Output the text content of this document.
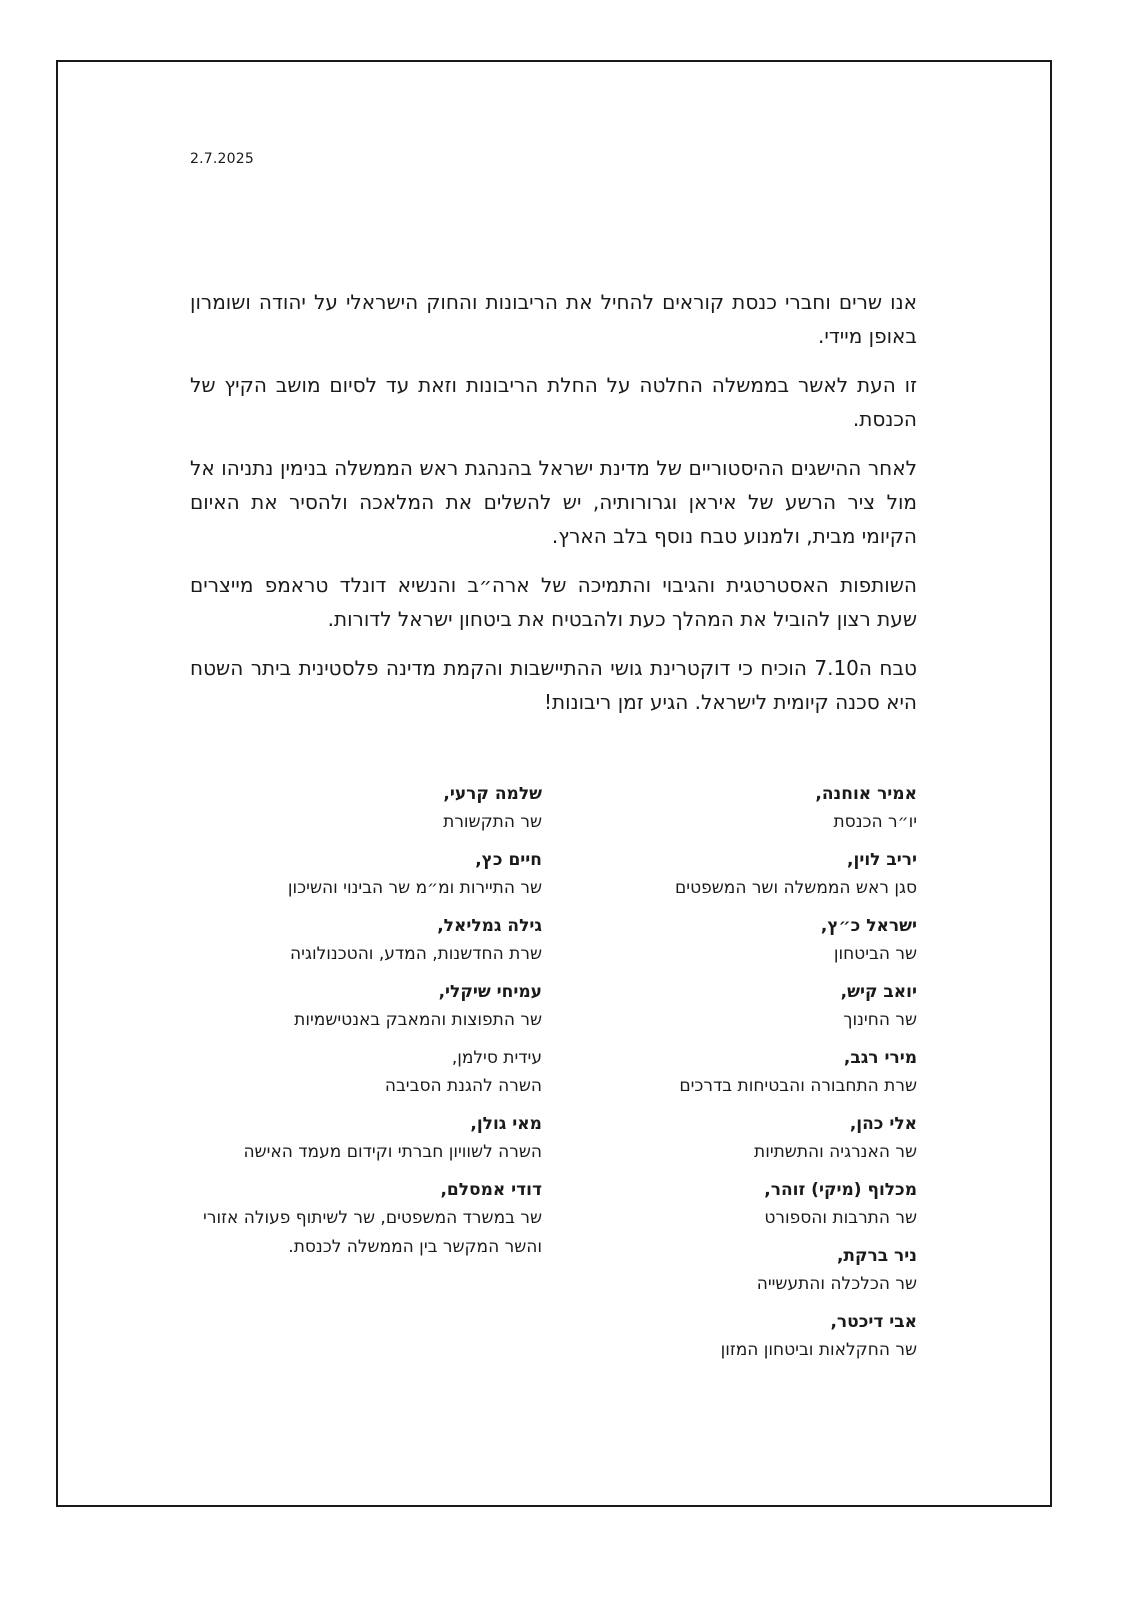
2.7.2025

אנו שרים וחברי כנסת קוראים להחיל את הריבונות והחוק הישראלי על יהודה ושומרון באופן מיידי.

זו העת לאשר בממשלה החלטה על החלת הריבונות וזאת עד לסיום מושב הקיץ של הכנסת.

לאחר ההישגים ההיסטוריים של מדינת ישראל בהנהגת ראש הממשלה בנימין נתניהו אל מול ציר הרשע של איראן וגרורותיה, יש להשלים את המלאכה ולהסיר את האיום הקיומי מבית, ולמנוע טבח נוסף בלב הארץ.

השותפות האסטרטגית והגיבוי והתמיכה של ארה״ב והנשיא דונלד טראמפ מייצרים שעת רצון להוביל את המהלך כעת ולהבטיח את ביטחון ישראל לדורות.

טבח ה7.10 הוכיח כי דוקטרינת גושי ההתיישבות והקמת מדינה פלסטינית ביתר השטח היא סכנה קיומית לישראל. הגיע זמן ריבונות!

אמיר אוחנה,
יו״ר הכנסת
יריב לוין,
סגן ראש הממשלה ושר המשפטים
ישראל כ״ץ,
שר הביטחון
יואב קיש,
שר החינוך
מירי רגב,
שרת התחבורה והבטיחות בדרכים
אלי כהן,
שר האנרגיה והתשתיות
מכלוף (מיקי) זוהר,
שר התרבות והספורט
ניר ברקת,
שר הכלכלה והתעשייה
אבי דיכטר,
שר החקלאות וביטחון המזון
שלמה קרעי,
שר התקשורת
חיים כץ,
שר התיירות ומ״מ שר הבינוי והשיכון
גילה גמליאל,
שרת החדשנות, המדע, והטכנולוגיה
עמיחי שיקלי,
שר התפוצות והמאבק באנטישמיות
עידית סילמן,
השרה להגנת הסביבה
מאי גולן,
השרה לשוויון חברתי וקידום מעמד האישה
דודי אמסלם,
שר במשרד המשפטים, שר לשיתוף פעולה אזורי והשר המקשר בין הממשלה לכנסת.
